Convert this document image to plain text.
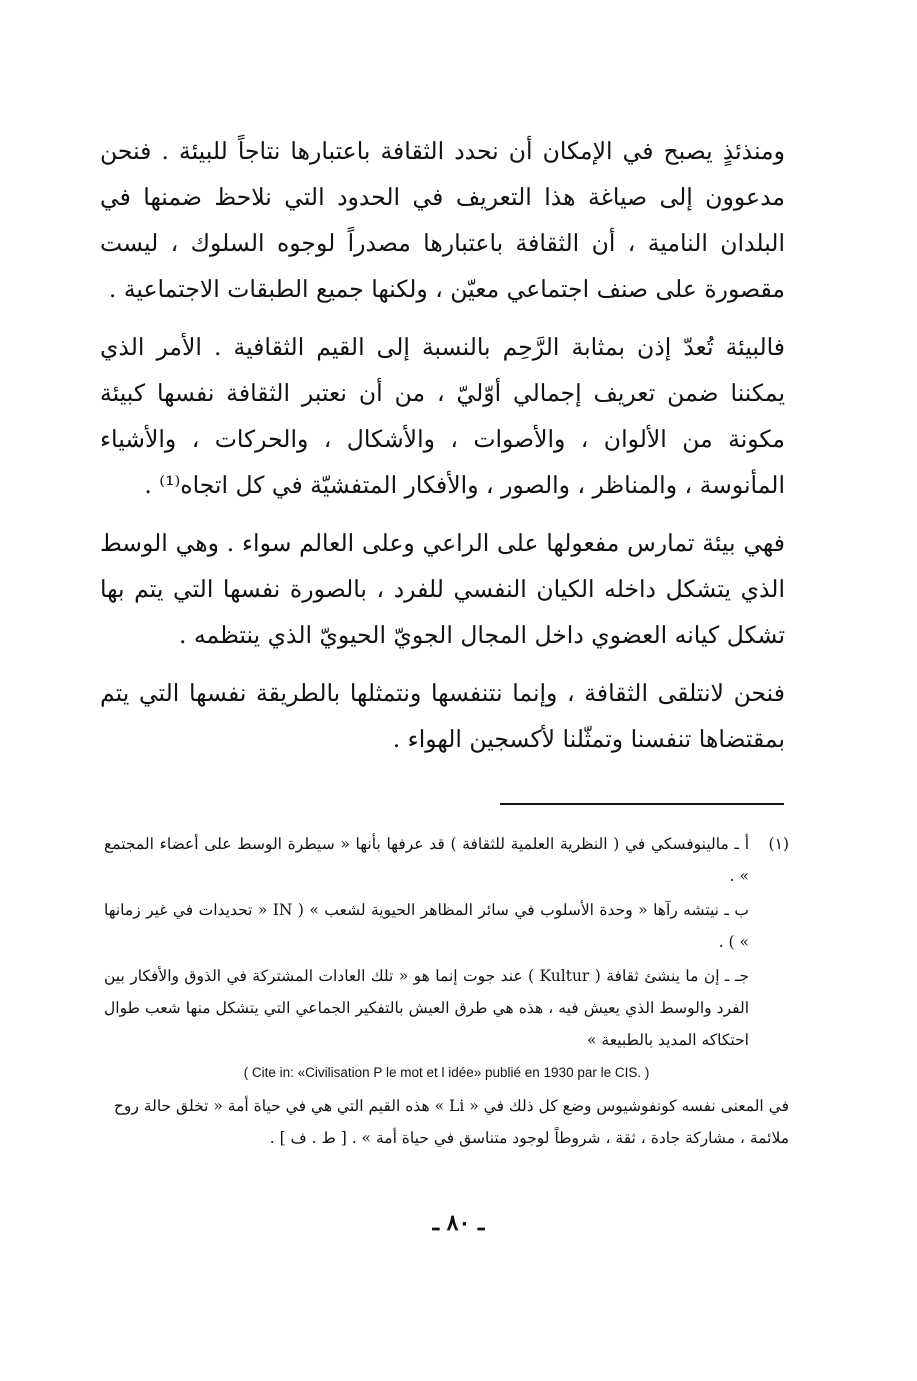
ومنذئذٍ يصبح في الإمكان أن نحدد الثقافة باعتبارها نتاجاً للبيئة . فنحن مدعوون إلى صياغة هذا التعريف في الحدود التي نلاحظ ضمنها في البلدان النامية ، أن الثقافة باعتبارها مصدراً لوجوه السلوك ، ليست مقصورة على صنف اجتماعي معيّن ، ولكنها جميع الطبقات الاجتماعية .

فالبيئة تُعدّ إذن بمثابة الرَّحِم بالنسبة إلى القيم الثقافية . الأمر الذي يمكننا ضمن تعريف إجمالي أوّليّ ، من أن نعتبر الثقافة نفسها كبيئة مكونة من الألوان ، والأصوات ، والأشكال ، والحركات ، والأشياء المأنوسة ، والمناظر ، والصور ، والأفكار المتفشيّة في كل اتجاه⁽¹⁾ .

فهي بيئة تمارس مفعولها على الراعي وعلى العالم سواء . وهي الوسط الذي يتشكل داخله الكيان النفسي للفرد ، بالصورة نفسها التي يتم بها تشكل كيانه العضوي داخل المجال الجويّ الحيويّ الذي ينتظمه .

فنحن لانتلقى الثقافة ، وإنما نتنفسها ونتمثلها بالطريقة نفسها التي يتم بمقتضاها تنفسنا وتمثّلنا لأكسجين الهواء .

(١)
أ ـ مالينوفسكي في ( النظرية العلمية للثقافة ) قد عرفها بأنها « سيطرة الوسط على أعضاء المجتمع » .
ب ـ نيتشه رآها « وحدة الأسلوب في سائر المظاهر الحيوية لشعب » ( IN « تحديدات في غير زمانها » ) .
جـ ـ إن ما ينشئ ثقافة ( Kultur ) عند جوت إنما هو « تلك العادات المشتركة في الذوق والأفكار بين الفرد والوسط الذي يعيش فيه ، هذه هي طرق العيش بالتفكير الجماعي التي يتشكل منها شعب طوال احتكاكه المديد بالطبيعة »
( Cite in: «Civilisation P le mot et l idée» publié en 1930 par le CIS. )
في المعنى نفسه كونفوشيوس وضع كل ذلك في « Li » هذه القيم التي هي في حياة أمة « تخلق حالة روح ملائمة ، مشاركة جادة ، ثقة ، شروطاً لوجود متناسق في حياة أمة » . [ ط . ف ] .
ـ ٨٠ ـ
